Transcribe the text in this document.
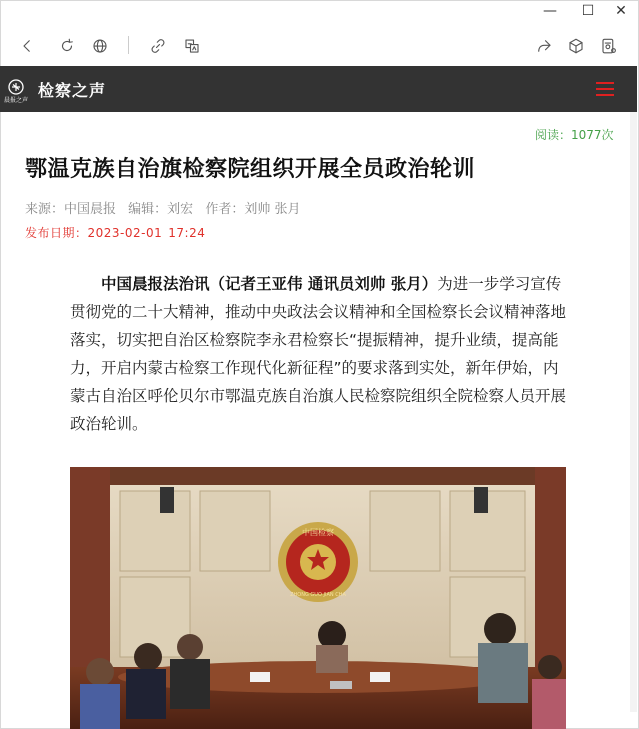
—	☐	✕
晨报之声
检察之声
阅读：1077次
鄂温克族自治旗检察院组织开展全员政治轮训
来源：中国晨报 编辑：刘宏 作者：刘帅 张月
发布日期：2023-02-01 17:24
中国晨报法治讯（记者王亚伟 通讯员刘帅 张月）为进一步学习宣传贯彻党的二十大精神，推动中央政法会议精神和全国检察长会议精神落地落实，切实把自治区检察院李永君检察长“提振精神，提升业绩，提高能力，开启内蒙古检察工作现代化新征程”的要求落到实处，新年伊始，内蒙古自治区呼伦贝尔市鄂温克族自治旗人民检察院组织全院检察人员开展政治轮训。
中国检察
ZHONG GUO JIAN CHA
